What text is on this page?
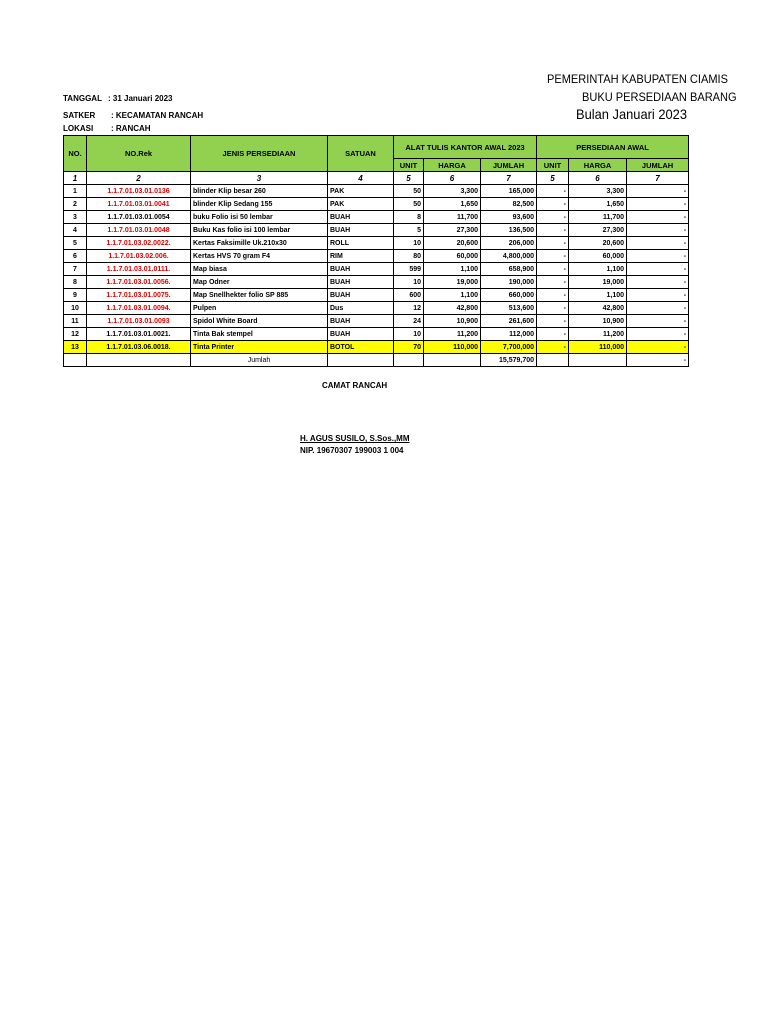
PEMERINTAH KABUPATEN CIAMIS
BUKU PERSEDIAAN BARANG
Bulan Januari 2023
TANGGAL : 31 Januari 2023
SATKER : KECAMATAN RANCAH
LOKASI : RANCAH
NO.	NO.Rek	JENIS PERSEDIAAN	SATUAN	ALAT TULIS KANTOR AWAL 2023			PERSEDIAAN AWAL		
				UNIT	HARGA	JUMLAH	UNIT	HARGA	JUMLAH
1	2	3	4	5	6	7	5	6	7
1	1.1.7.01.03.01.0136	blinder Klip besar 260	PAK	50	3,300	165,000	-	3,300	-
2	1.1.7.01.03.01.0041	blinder Klip Sedang 155	PAK	50	1,650	82,500	-	1,650	-
3	1.1.7.01.03.01.0054	buku Folio isi 50 lembar	BUAH	8	11,700	93,600	-	11,700	-
4	1.1.7.01.03.01.0048	Buku Kas folio isi 100 lembar	BUAH	5	27,300	136,500	-	27,300	-
5	1.1.7.01.03.02.0022.	Kertas Faksimille Uk.210x30	ROLL	10	20,600	206,000	-	20,600	-
6	1.1.7.01.03.02.006.	Kertas HVS 70 gram F4	RIM	80	60,000	4,800,000	-	60,000	-
7	1.1.7.01.03.01.0111.	Map biasa	BUAH	599	1,100	658,900	-	1,100	-
8	1.1.7.01.03.01.0056.	Map Odner	BUAH	10	19,000	190,000	-	19,000	-
9	1.1.7.01.03.01.0075.	Map Snellhekter folio SP 885	BUAH	600	1,100	660,000	-	1,100	-
10	1.1.7.01.03.01.0094.	Pulpen	Dus	12	42,800	513,600	-	42,800	-
11	1.1.7.01.03.01.0093	Spidol White Board	BUAH	24	10,900	261,600	-	10,900	-
12	1.1.7.01.03.01.0021.	Tinta Bak stempel	BUAH	10	11,200	112,000	-	11,200	-
13	1.1.7.01.03.06.0018.	Tinta Printer	BOTOL	70	110,000	7,700,000	-	110,000	-
		Jumlah				15,579,700			-
CAMAT RANCAH
H. AGUS SUSILO, S.Sos.,MM
NIP. 19670307 199003 1 004
